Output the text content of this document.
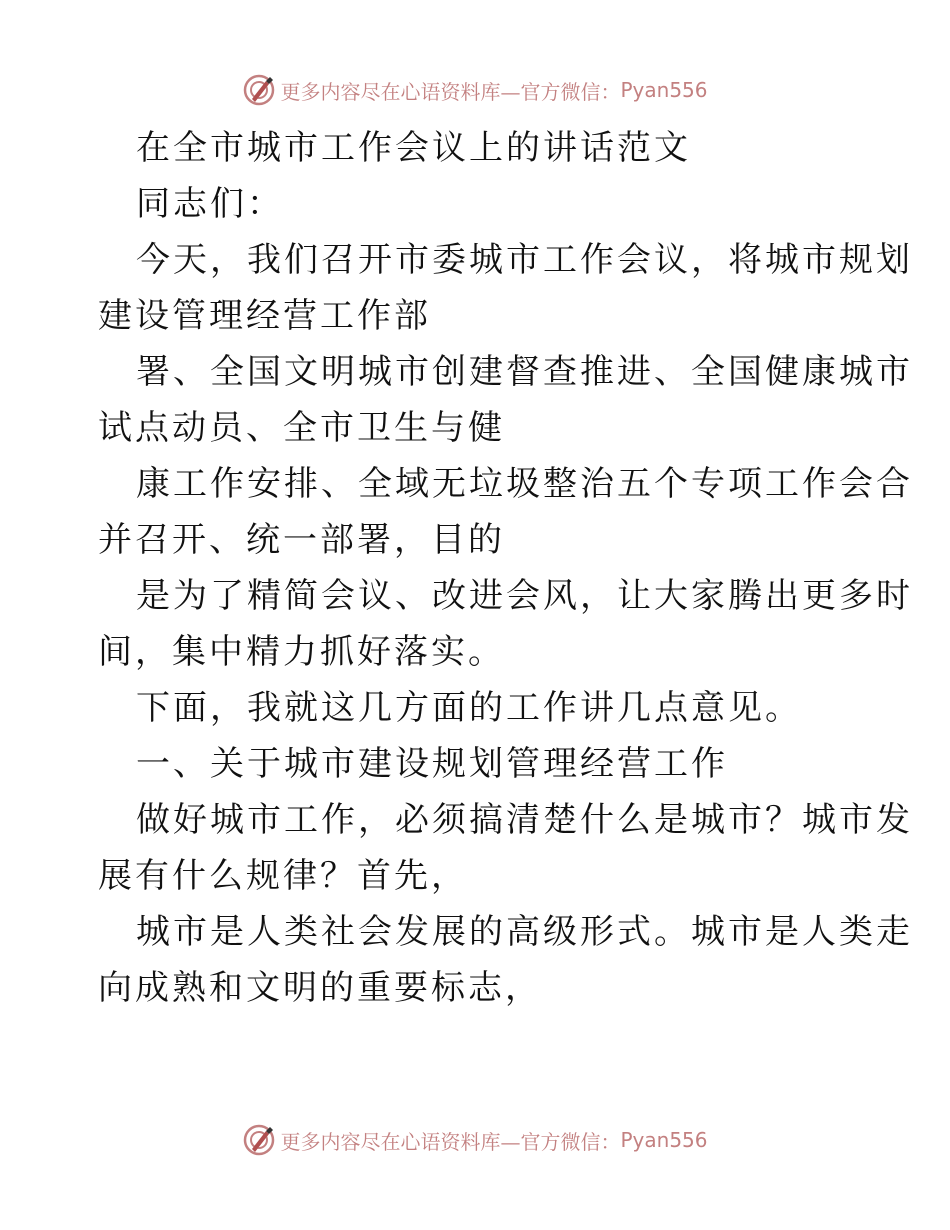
更多内容尽在心语资料库—官方微信： Pyan556
在全市城市工作会议上的讲话范文
同志们：
今天，我们召开市委城市工作会议，将城市规划
建设管理经营工作部
署、全国文明城市创建督查推进、全国健康城市
试点动员、全市卫生与健
康工作安排、全域无垃圾整治五个专项工作会合
并召开、统一部署，目的
是为了精简会议、改进会风，让大家腾出更多时
间，集中精力抓好落实。
下面，我就这几方面的工作讲几点意见。
一、关于城市建设规划管理经营工作
做好城市工作，必须搞清楚什么是城市？城市发
展有什么规律？首先，
城市是人类社会发展的高级形式。城市是人类走
向成熟和文明的重要标志，
更多内容尽在心语资料库—官方微信： Pyan556
